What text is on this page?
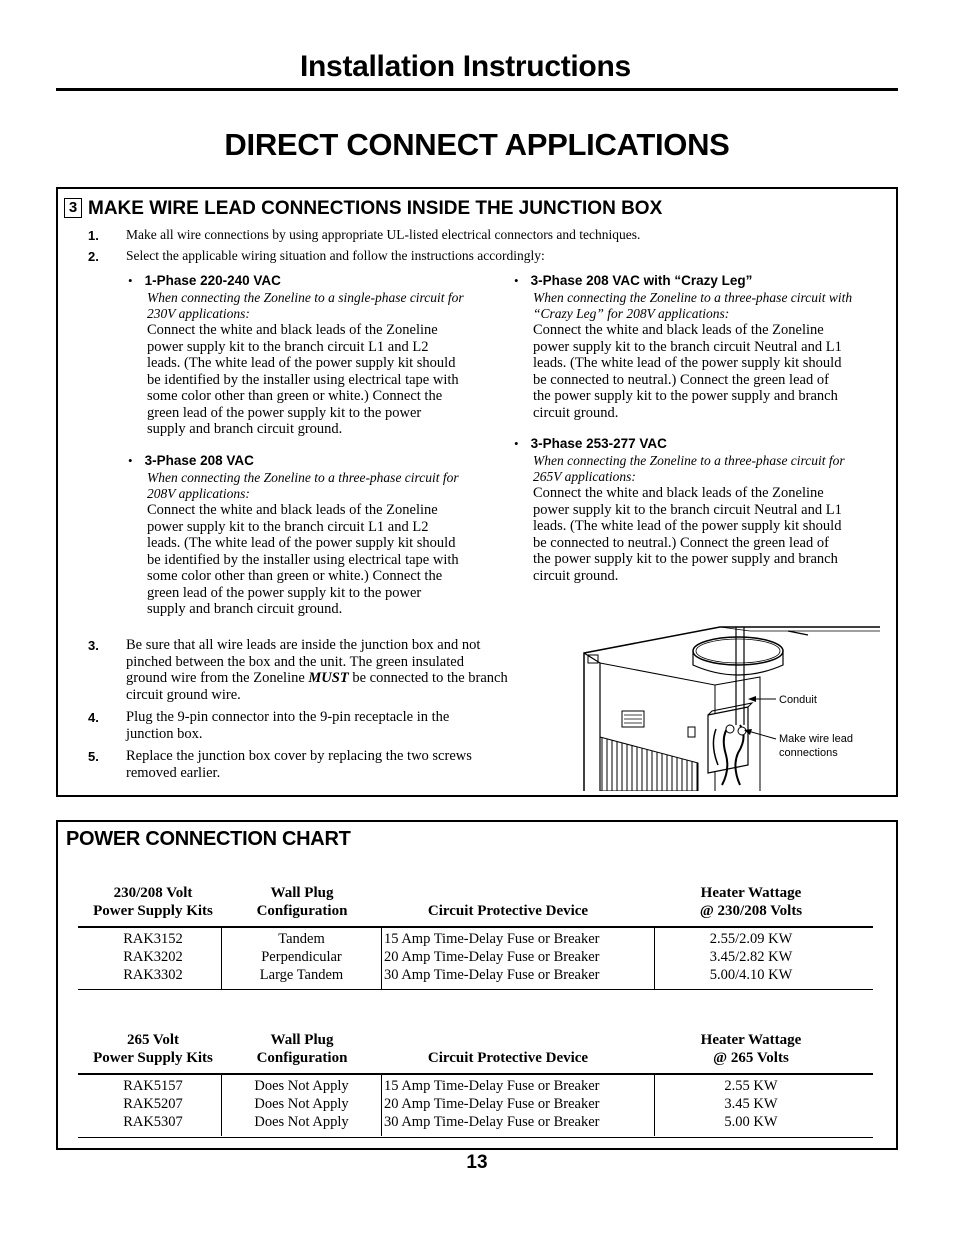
Installation Instructions
DIRECT CONNECT APPLICATIONS
3 MAKE WIRE LEAD CONNECTIONS INSIDE THE JUNCTION BOX
1. Make all wire connections by using appropriate UL-listed electrical connectors and techniques.
2. Select the applicable wiring situation and follow the instructions accordingly:
• 1-Phase 220-240 VAC
When connecting the Zoneline to a single-phase circuit for
230V applications:
Connect the white and black leads of the Zoneline
power supply kit to the branch circuit L1 and L2
leads. (The white lead of the power supply kit should
be identified by the installer using electrical tape with
some color other than green or white.) Connect the
green lead of the power supply kit to the power
supply and branch circuit ground.
• 3-Phase 208 VAC
When connecting the Zoneline to a three-phase circuit for
208V applications:
Connect the white and black leads of the Zoneline
power supply kit to the branch circuit L1 and L2
leads. (The white lead of the power supply kit should
be identified by the installer using electrical tape with
some color other than green or white.) Connect the
green lead of the power supply kit to the power
supply and branch circuit ground.
• 3-Phase 208 VAC with “Crazy Leg”
When connecting the Zoneline to a three-phase circuit with
“Crazy Leg” for 208V applications:
Connect the white and black leads of the Zoneline
power supply kit to the branch circuit Neutral and L1
leads. (The white lead of the power supply kit should
be connected to neutral.) Connect the green lead of
the power supply kit to the power supply and branch
circuit ground.
• 3-Phase 253-277 VAC
When connecting the Zoneline to a three-phase circuit for
265V applications:
Connect the white and black leads of the Zoneline
power supply kit to the branch circuit Neutral and L1
leads. (The white lead of the power supply kit should
be connected to neutral.) Connect the green lead of
the power supply kit to the power supply and branch
circuit ground.
3. Be sure that all wire leads are inside the junction box and not
pinched between the box and the unit. The green insulated
ground wire from the Zoneline MUST be connected to the branch
circuit ground wire.
4. Plug the 9-pin connector into the 9-pin receptacle in the
junction box.
5. Replace the junction box cover by replacing the two screws
removed earlier.
Conduit
Make wire lead
connections
POWER CONNECTION CHART
230/208 Volt
Power Supply Kits
Wall Plug
Configuration
	Circuit Protective Device
Heater Wattage
@ 230/208 Volts
RAK3152
RAK3202
RAK3302
Tandem
Perpendicular
Large Tandem
15 Amp Time-Delay Fuse or Breaker
20 Amp Time-Delay Fuse or Breaker
30 Amp Time-Delay Fuse or Breaker
2.55/2.09 KW
3.45/2.82 KW
5.00/4.10 KW
265 Volt
Power Supply Kits
Wall Plug
Configuration
	Circuit Protective Device
Heater Wattage
@ 265 Volts
RAK5157
RAK5207
RAK5307
Does Not Apply
Does Not Apply
Does Not Apply
15 Amp Time-Delay Fuse or Breaker
20 Amp Time-Delay Fuse or Breaker
30 Amp Time-Delay Fuse or Breaker
2.55 KW
3.45 KW
5.00 KW
13
